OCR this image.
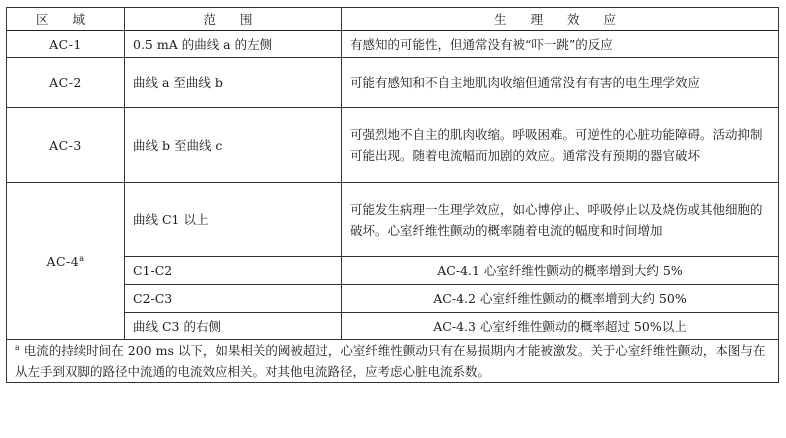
区 域	范 围	生 理 效 应
AC-1	0.5 mA 的曲线 a 的左侧	有感知的可能性，但通常没有被“吓一跳”的反应
AC-2	曲线 a 至曲线 b	可能有感知和不自主地肌肉收缩但通常没有有害的电生理学效应
AC-3	曲线 b 至曲线 c	可强烈地不自主的肌肉收缩。呼吸困难。可逆性的心脏功能障碍。活动抑制可能出现。随着电流幅而加剧的效应。通常没有预期的器官破坏
AC-4$^a$	曲线 C1 以上	可能发生病理一生理学效应，如心博停止、呼吸停止以及烧伤或其他细胞的破坏。心室纤维性颤动的概率随着电流的幅度和时间增加
	C1-C2	AC-4.1 心室纤维性颤动的概率增到大约 5%
	C2-C3	AC-4.2 心室纤维性颤动的概率增到大约 50%
	曲线 C3 的右侧	AC-4.3 心室纤维性颤动的概率超过 50%以上
$^a$ 电流的持续时间在 200 ms 以下，如果相关的阈被超过，心室纤维性颤动只有在易损期内才能被激发。关于心室纤维性颤动，本图与在从左手到双脚的路径中流通的电流效应相关。对其他电流路径，应考虑心脏电流系数。		
